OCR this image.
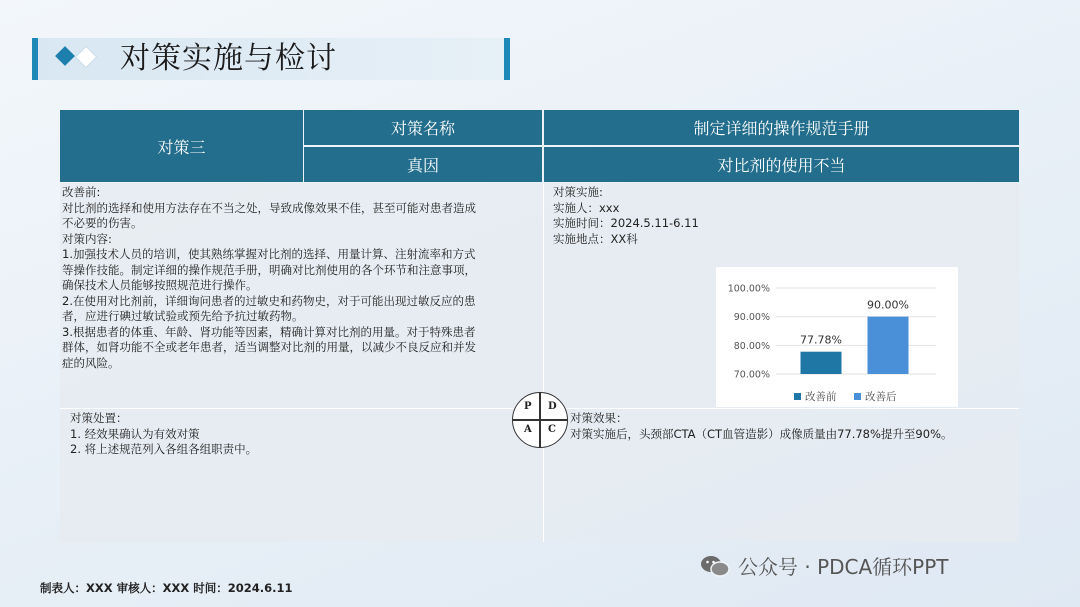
对策实施与检讨
对策三
对策名称	制定详细的操作规范手册
真因	对比剂的使用不当

改善前:

对比剂的选择和使用方法存在不当之处，导致成像效果不佳，甚至可能对患者造成

不必要的伤害。

对策内容:

1.加强技术人员的培训，使其熟练掌握对比剂的选择、用量计算、注射流率和方式

等操作技能。制定详细的操作规范手册，明确对比剂使用的各个环节和注意事项，

确保技术人员能够按照规范进行操作。

2.在使用对比剂前，详细询问患者的过敏史和药物史，对于可能出现过敏反应的患

者，应进行碘过敏试验或预先给予抗过敏药物。

3.根据患者的体重、年龄、肾功能等因素，精确计算对比剂的用量。对于特殊患者

群体，如肾功能不全或老年患者，适当调整对比剂的用量，以减少不良反应和并发

症的风险。

对策实施:

实施人：xxx

实施时间：2024.5.11-6.11

实施地点：XX科

对策处置：

1. 经效果确认为有效对策

2. 将上述规范列入各组各组职责中。

对策效果：

对策实施后，头颈部CTA（CT血管造影）成像质量由77.78%提升至90%。

70.00%
80.00%
90.00%
100.00%
77.78%
90.00%
改善前	改善后
P D
A C
制表人：XXX 审核人：XXX 时间：2024.6.11
公众号 · PDCA循环PPT
